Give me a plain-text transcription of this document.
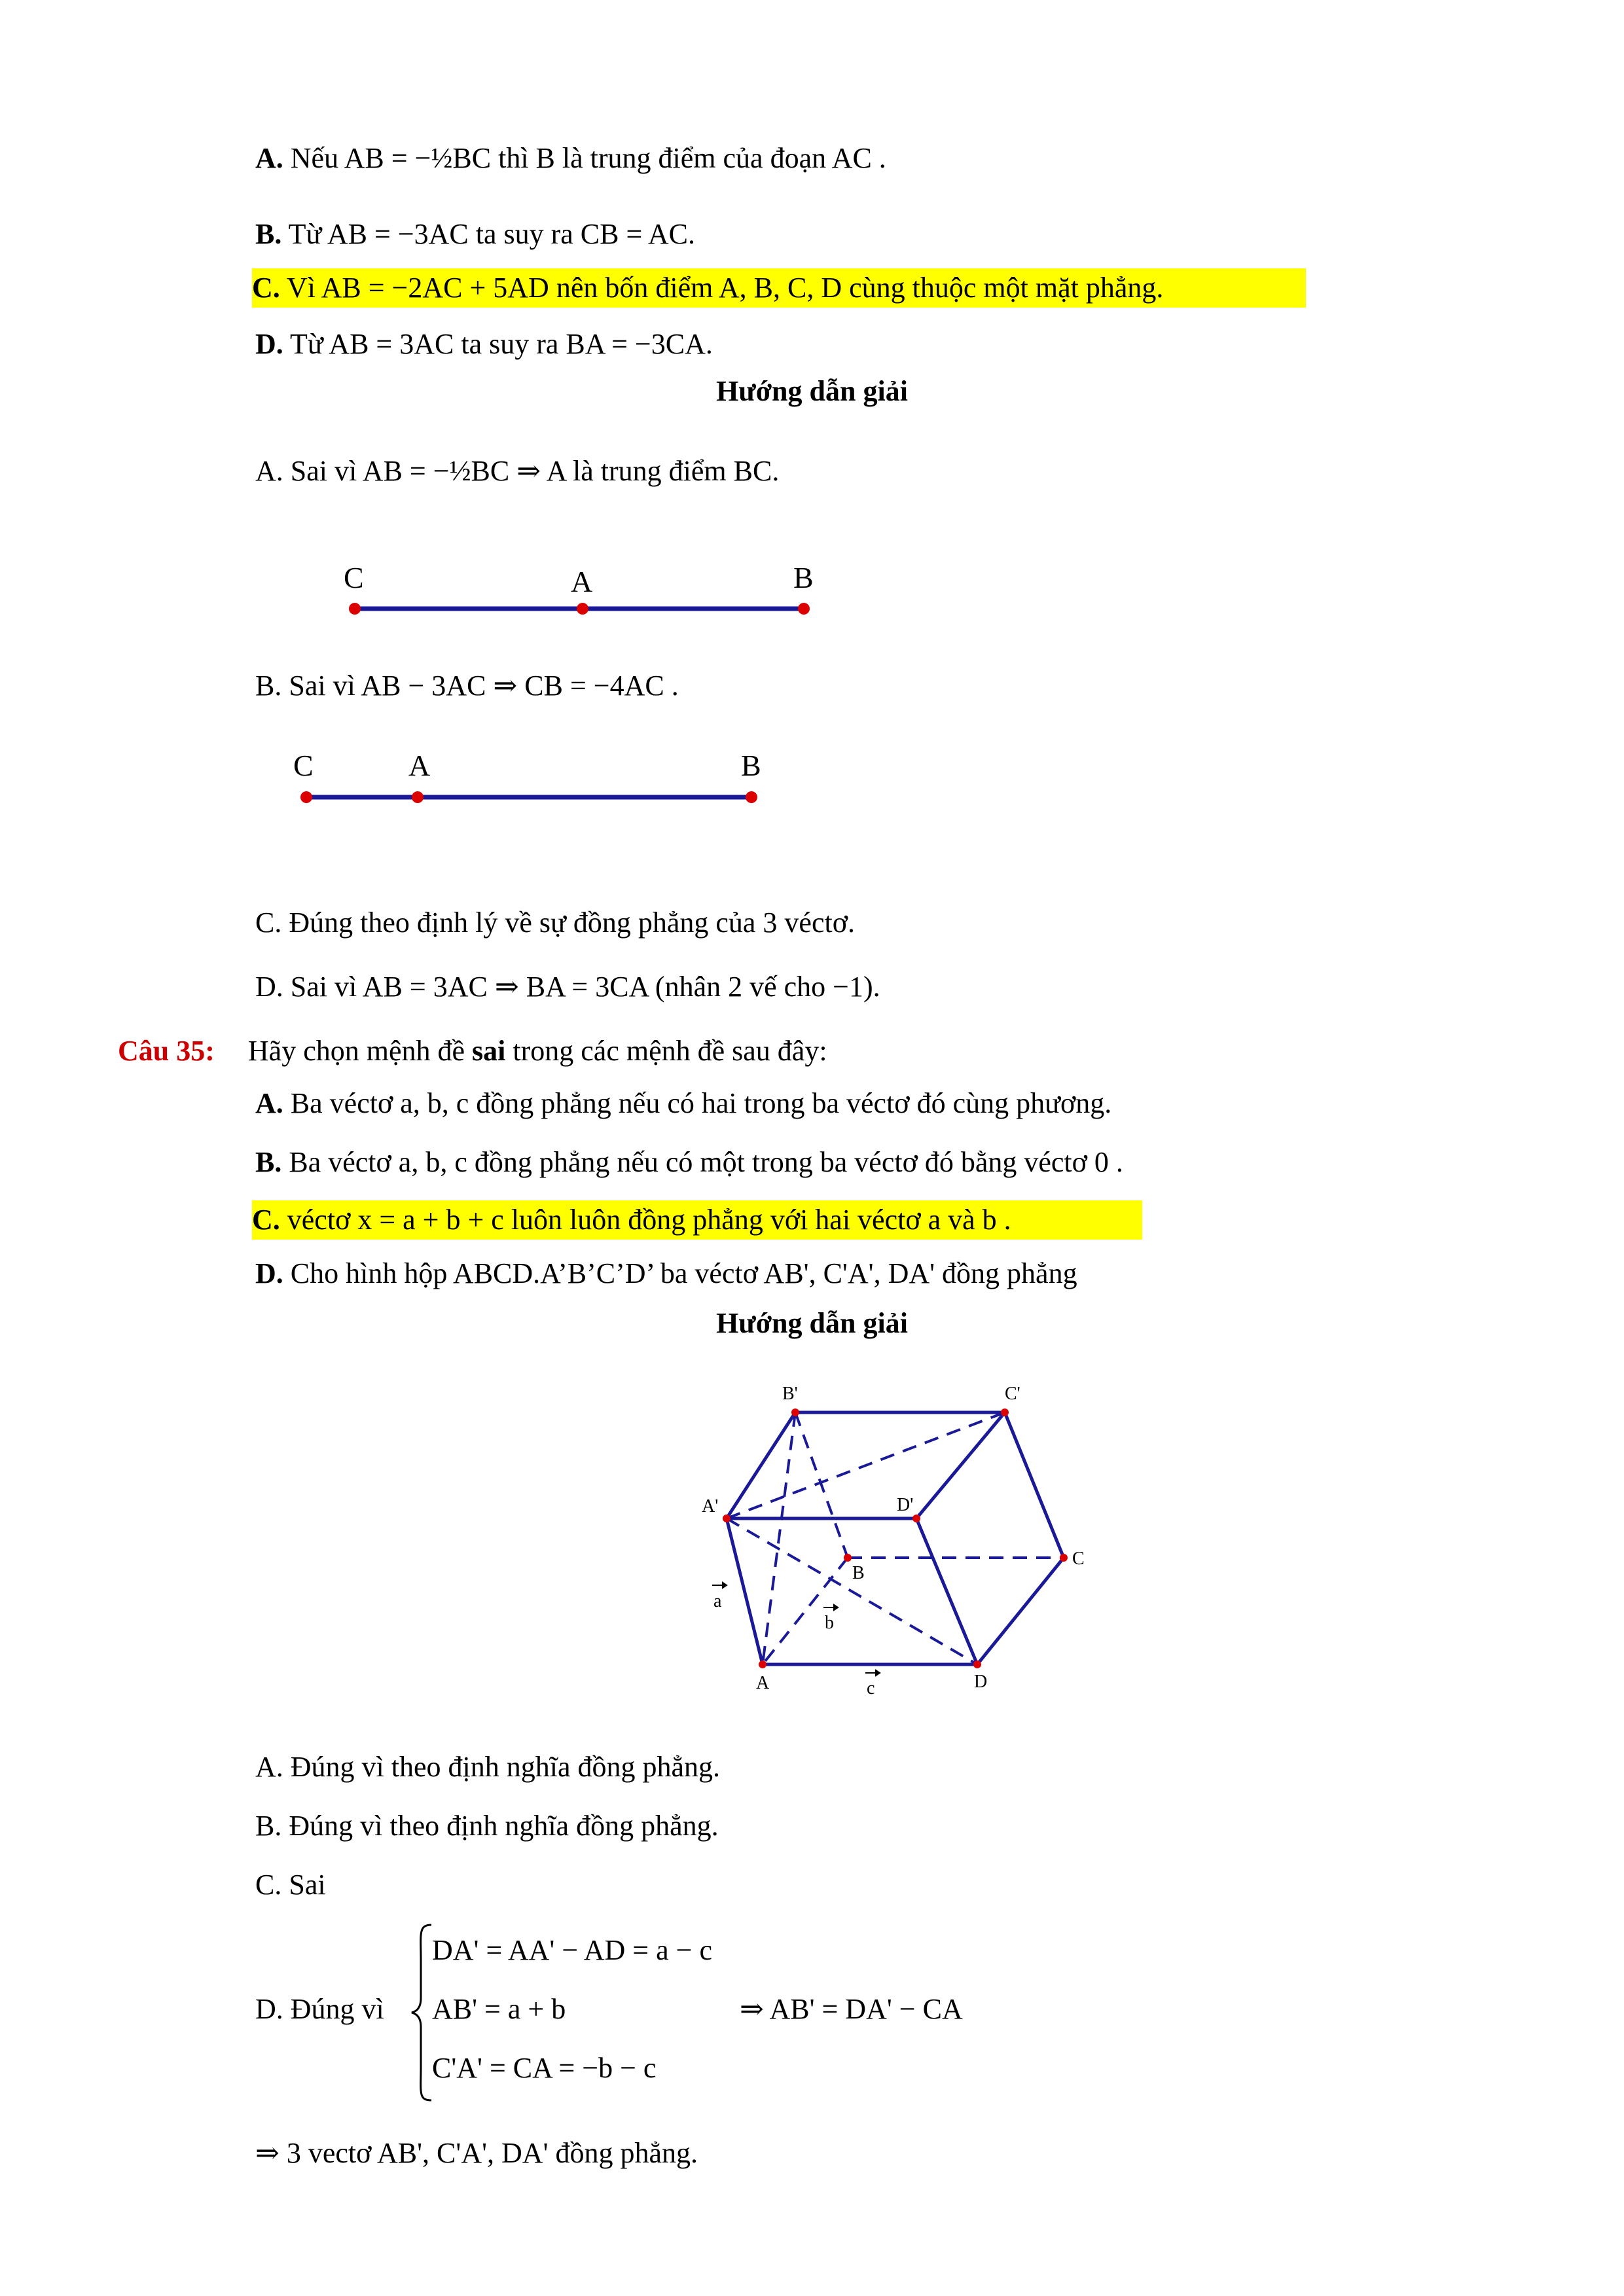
A. Nếu AB = −½BC thì B là trung điểm của đoạn AC .
B. Từ AB = −3AC ta suy ra CB = AC.
C. Vì AB = −2AC + 5AD nên bốn điểm A, B, C, D cùng thuộc một mặt phẳng.
D. Từ AB = 3AC ta suy ra BA = −3CA.
Hướng dẫn giải
A. Sai vì AB = −½BC ⇒ A là trung điểm BC.
C	A	B
B. Sai vì AB − 3AC ⇒ CB = −4AC .
C	A	B
C. Đúng theo định lý về sự đồng phẳng của 3 véctơ.
D. Sai vì AB = 3AC ⇒ BA = 3CA (nhân 2 vế cho −1).
Câu 35: Hãy chọn mệnh đề sai trong các mệnh đề sau đây:
A. Ba véctơ a, b, c đồng phẳng nếu có hai trong ba véctơ đó cùng phương.
B. Ba véctơ a, b, c đồng phẳng nếu có một trong ba véctơ đó bằng véctơ 0 .
C. véctơ x = a + b + c luôn luôn đồng phẳng với hai véctơ a và b .
D. Cho hình hộp ABCD.A’B’C’D’ ba véctơ AB', C'A', DA' đồng phẳng
Hướng dẫn giải
B'	C'
A'	D'
B
C
A	D
a
b
c
A. Đúng vì theo định nghĩa đồng phẳng.
B. Đúng vì theo định nghĩa đồng phẳng.
C. Sai
D. Đúng vì
DA' = AA' − AD = a − c
AB' = a + b
C'A' = CA = −b − c
⇒ AB' = DA' − CA
⇒ 3 vectơ AB', C'A', DA' đồng phẳng.
